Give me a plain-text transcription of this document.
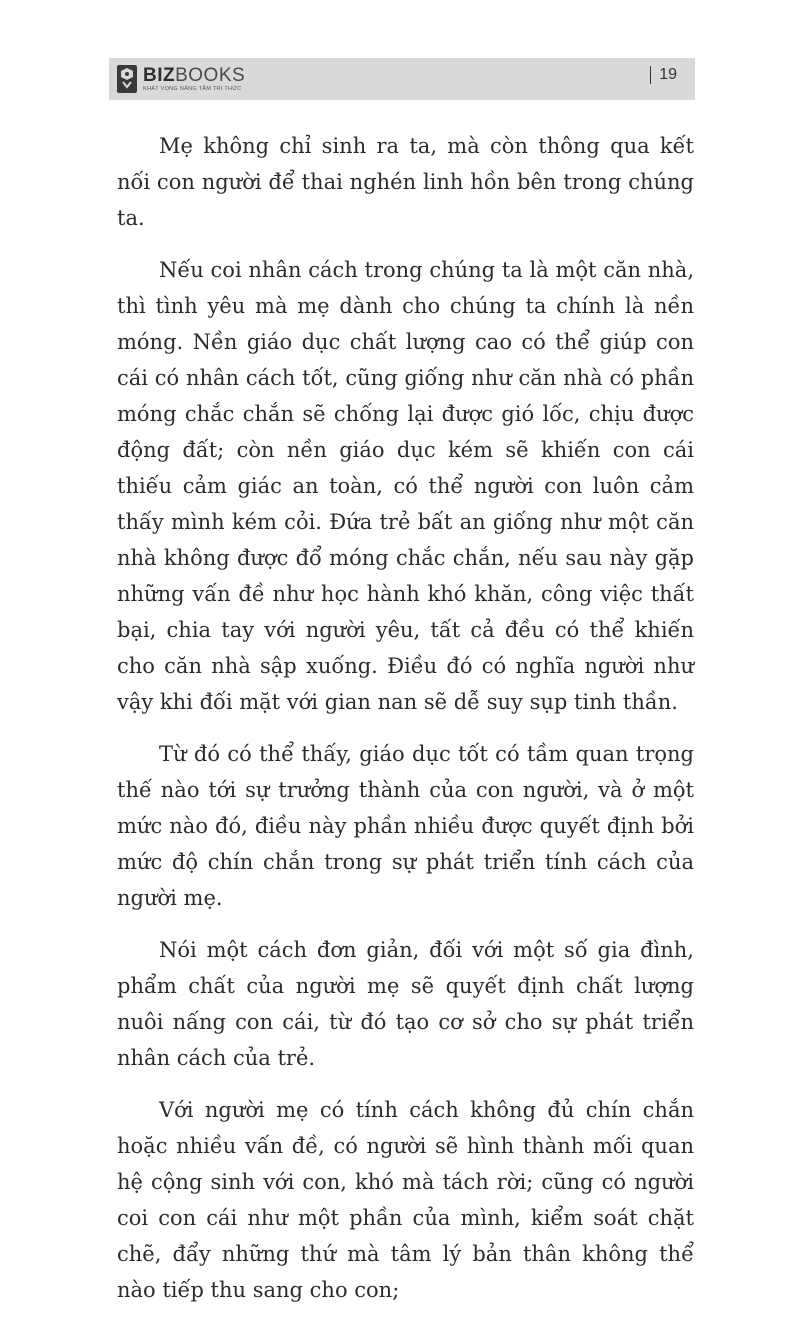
BIZBOOKS
KHÁT VỌNG NÂNG TẦM TRI THỨC
19

Mẹ không chỉ sinh ra ta, mà còn thông qua kết nối con người để thai nghén linh hồn bên trong chúng ta.

Nếu coi nhân cách trong chúng ta là một căn nhà, thì tình yêu mà mẹ dành cho chúng ta chính là nền móng. Nền giáo dục chất lượng cao có thể giúp con cái có nhân cách tốt, cũng giống như căn nhà có phần móng chắc chắn sẽ chống lại được gió lốc, chịu được động đất; còn nền giáo dục kém sẽ khiến con cái thiếu cảm giác an toàn, có thể người con luôn cảm thấy mình kém cỏi. Đứa trẻ bất an giống như một căn nhà không được đổ móng chắc chắn, nếu sau này gặp những vấn đề như học hành khó khăn, công việc thất bại, chia tay với người yêu, tất cả đều có thể khiến cho căn nhà sập xuống. Điều đó có nghĩa người như vậy khi đối mặt với gian nan sẽ dễ suy sụp tinh thần.

Từ đó có thể thấy, giáo dục tốt có tầm quan trọng thế nào tới sự trưởng thành của con người, và ở một mức nào đó, điều này phần nhiều được quyết định bởi mức độ chín chắn trong sự phát triển tính cách của người mẹ.

Nói một cách đơn giản, đối với một số gia đình, phẩm chất của người mẹ sẽ quyết định chất lượng nuôi nấng con cái, từ đó tạo cơ sở cho sự phát triển nhân cách của trẻ.

Với người mẹ có tính cách không đủ chín chắn hoặc nhiều vấn đề, có người sẽ hình thành mối quan hệ cộng sinh với con, khó mà tách rời; cũng có người coi con cái như một phần của mình, kiểm soát chặt chẽ, đẩy những thứ mà tâm lý bản thân không thể nào tiếp thu sang cho con;
